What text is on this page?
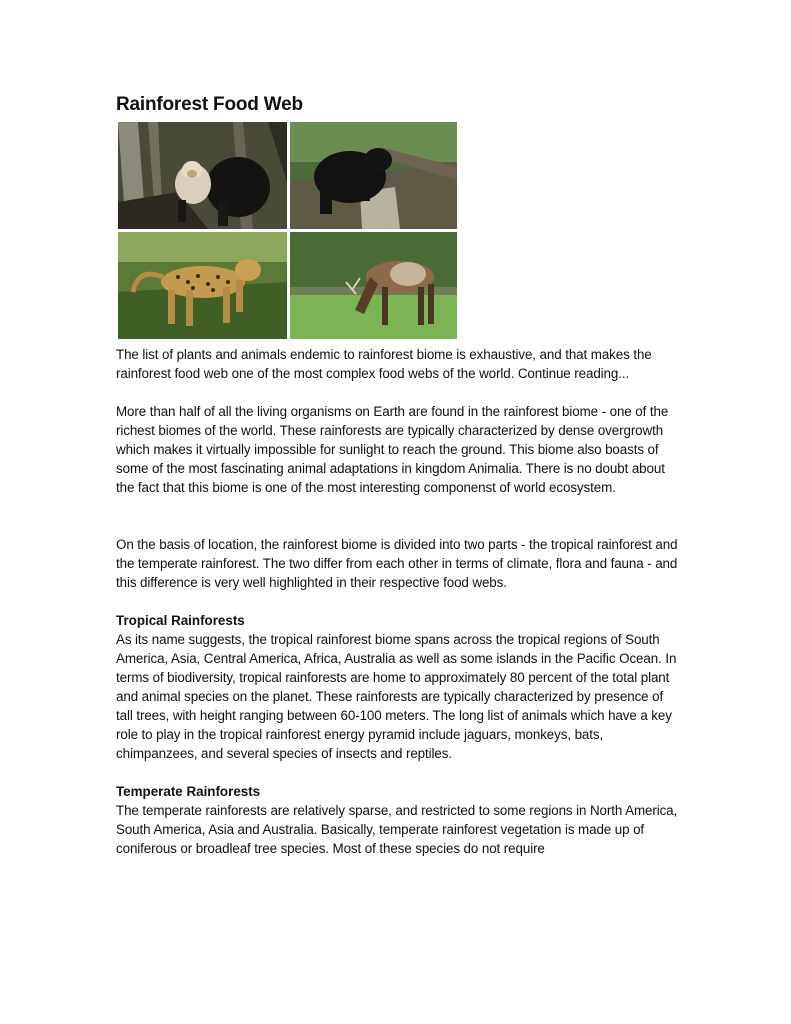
Rainforest Food Web

The list of plants and animals endemic to rainforest biome is exhaustive, and that makes the rainforest food web one of the most complex food webs of the world. Continue reading...

More than half of all the living organisms on Earth are found in the rainforest biome - one of the richest biomes of the world. These rainforests are typically characterized by dense overgrowth which makes it virtually impossible for sunlight to reach the ground. This biome also boasts of some of the most fascinating animal adaptations in kingdom Animalia. There is no doubt about the fact that this biome is one of the most interesting componenst of world ecosystem.

On the basis of location, the rainforest biome is divided into two parts - the tropical rainforest and the temperate rainforest. The two differ from each other in terms of climate, flora and fauna - and this difference is very well highlighted in their respective food webs.

Tropical Rainforests

As its name suggests, the tropical rainforest biome spans across the tropical regions of South America, Asia, Central America, Africa, Australia as well as some islands in the Pacific Ocean. In terms of biodiversity, tropical rainforests are home to approximately 80 percent of the total plant and animal species on the planet. These rainforests are typically characterized by presence of tall trees, with height ranging between 60-100 meters. The long list of animals which have a key role to play in the tropical rainforest energy pyramid include jaguars, monkeys, bats, chimpanzees, and several species of insects and reptiles.

Temperate Rainforests

The temperate rainforests are relatively sparse, and restricted to some regions in North America, South America, Asia and Australia. Basically, temperate rainforest vegetation is made up of coniferous or broadleaf tree species. Most of these species do not require
